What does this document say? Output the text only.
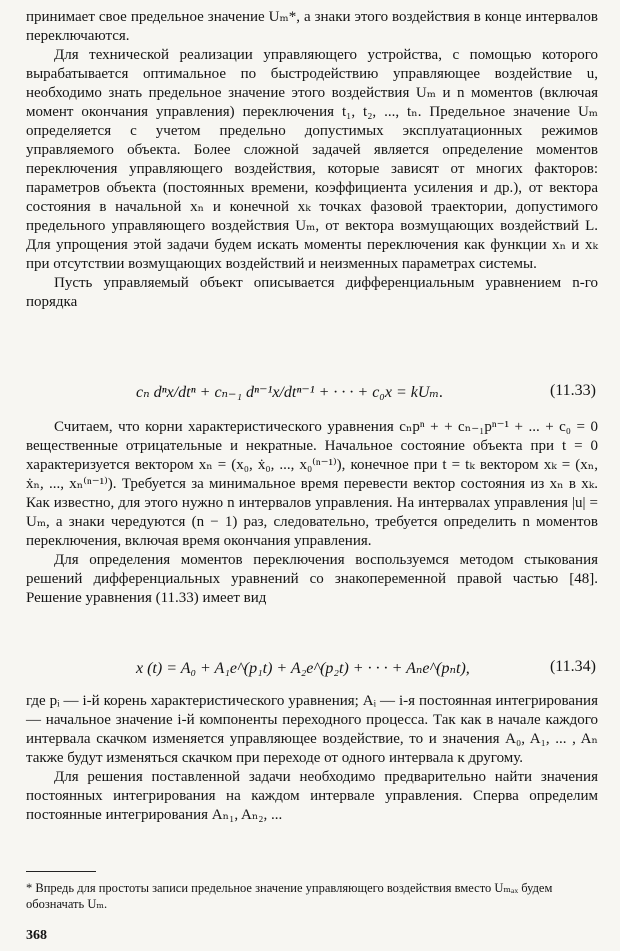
принимает свое предельное значение Uₘ*, а знаки этого воздействия в конце интервалов переключаются.

Для технической реализации управляющего устройства, с помощью которого вырабатывается оптимальное по быстродействию управляющее воздействие u, необходимо знать предельное значение этого воздействия Uₘ и n моментов (включая момент окончания управления) переключения t₁, t₂, ..., tₙ. Предельное значение Uₘ определяется с учетом предельно допустимых эксплуатационных режимов управляемого объекта. Более сложной задачей является определение моментов переключения управляющего воздействия, которые зависят от многих факторов: параметров объекта (постоянных времени, коэффициента усиления и др.), от вектора состояния в начальной xₙ и конечной xₖ точках фазовой траектории, допустимого предельного управляющего воздействия Uₘ, от вектора возмущающих воздействий L. Для упрощения этой задачи будем искать моменты переключения как функции xₙ и xₖ при отсутствии возмущающих воздействий и неизменных параметрах системы.

Пусть управляемый объект описывается дифференциальным уравнением n-го порядка

cₙ dⁿx/dtⁿ + cₙ₋₁ dⁿ⁻¹x/dtⁿ⁻¹ + · · · + c₀x = kUₘ.	(11.33)

Считаем, что корни характеристического уравнения cₙpⁿ + + cₙ₋₁pⁿ⁻¹ + ... + c₀ = 0 вещественные отрицательные и некратные. Начальное состояние объекта при t = 0 характеризуется вектором xₙ = (x₀, ẋ₀, ..., x₀⁽ⁿ⁻¹⁾), конечное при t = tₖ вектором xₖ = (xₙ, ẋₙ, ..., xₙ⁽ⁿ⁻¹⁾). Требуется за минимальное время перевести вектор состояния из xₙ в xₖ. Как известно, для этого нужно n интервалов управления. На интервалах управления |u| = Uₘ, а знаки чередуются (n − 1) раз, следовательно, требуется определить n моментов переключения, включая время окончания управления.

Для определения моментов переключения воспользуемся методом стыкования решений дифференциальных уравнений со знакопеременной правой частью [48]. Решение уравнения (11.33) имеет вид

x (t) = A₀ + A₁e^(p₁t) + A₂e^(p₂t) + · · · + Aₙe^(pₙt),	(11.34)

где pᵢ — i-й корень характеристического уравнения; Aᵢ — i-я постоянная интегрирования — начальное значение i-й компоненты переходного процесса. Так как в начале каждого интервала скачком изменяется управляющее воздействие, то и значения A₀, A₁, ... , Aₙ также будут изменяться скачком при переходе от одного интервала к другому.

Для решения поставленной задачи необходимо предварительно найти значения постоянных интегрирования на каждом интервале управления. Сперва определим постоянные интегрирования Aₙ₁, Aₙ₂, ...

* Впредь для простоты записи предельное значение управляющего воздействия вместо Uₘₐₓ будем обозначать Uₘ.
368
